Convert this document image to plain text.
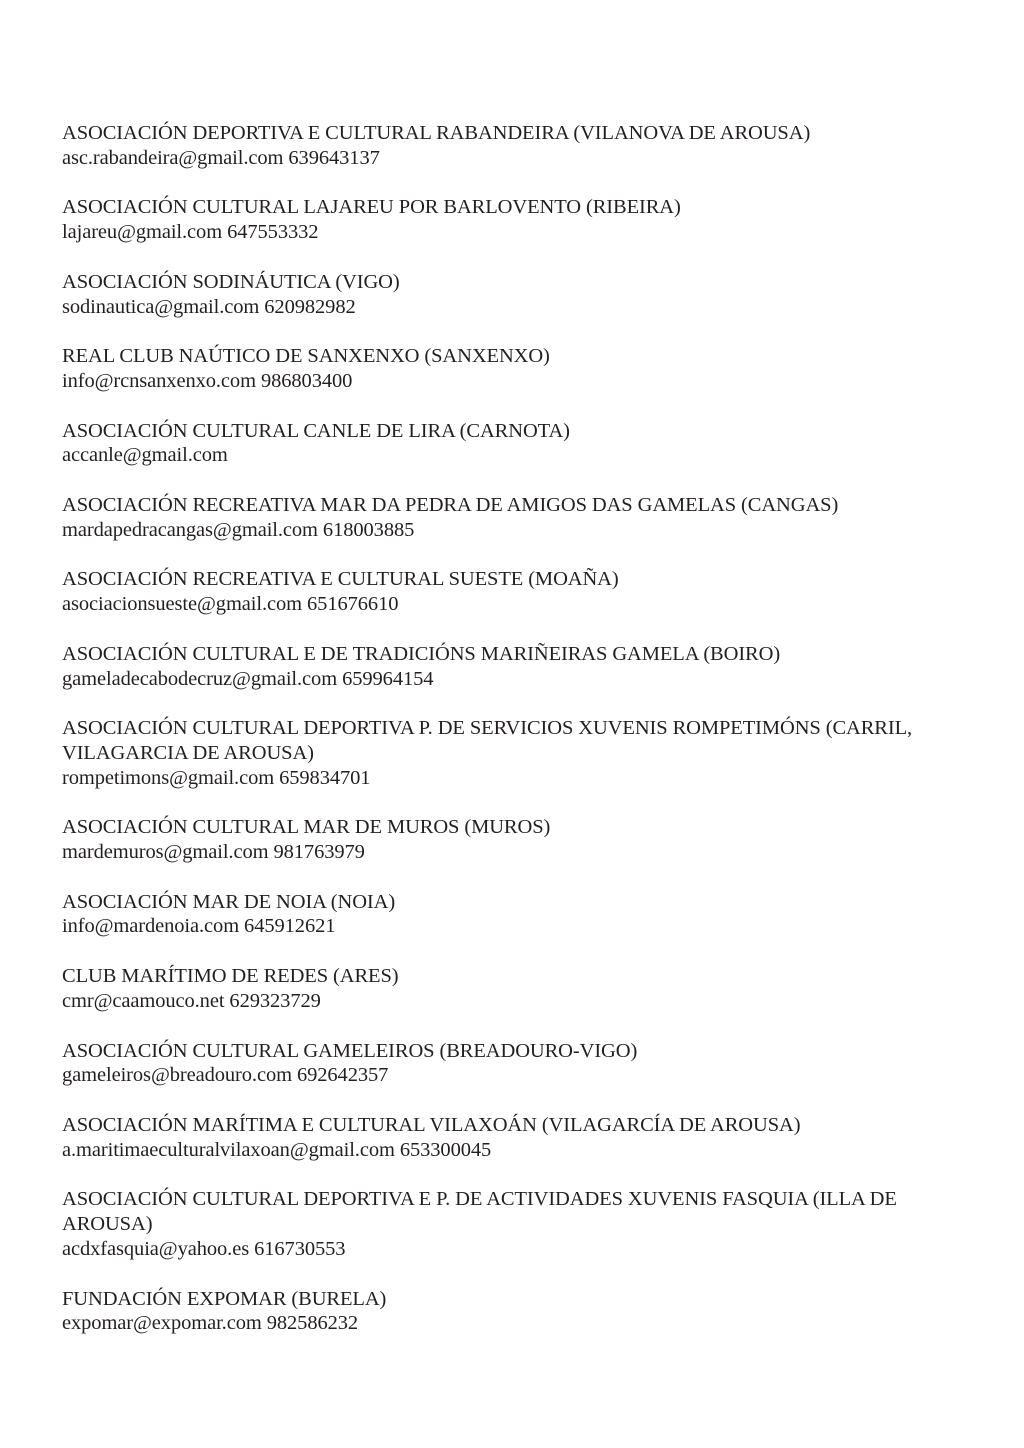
ASOCIACIÓN DEPORTIVA E CULTURAL RABANDEIRA (VILANOVA DE AROUSA)
asc.rabandeira@gmail.com 639643137
ASOCIACIÓN CULTURAL LAJAREU POR BARLOVENTO (RIBEIRA)
lajareu@gmail.com 647553332
ASOCIACIÓN SODINÁUTICA (VIGO)
sodinautica@gmail.com 620982982
REAL CLUB NAÚTICO DE SANXENXO (SANXENXO)
info@rcnsanxenxo.com 986803400
ASOCIACIÓN CULTURAL CANLE DE LIRA (CARNOTA)
accanle@gmail.com
ASOCIACIÓN RECREATIVA MAR DA PEDRA DE AMIGOS DAS GAMELAS (CANGAS)
mardapedracangas@gmail.com 618003885
ASOCIACIÓN RECREATIVA E CULTURAL SUESTE (MOAÑA)
asociacionsueste@gmail.com 651676610
ASOCIACIÓN CULTURAL E DE TRADICIÓNS MARIÑEIRAS GAMELA (BOIRO)
gameladecabodecruz@gmail.com 659964154
ASOCIACIÓN CULTURAL DEPORTIVA P. DE SERVICIOS XUVENIS ROMPETIMÓNS (CARRIL, VILAGARCIA DE AROUSA)
rompetimons@gmail.com 659834701
ASOCIACIÓN CULTURAL MAR DE MUROS (MUROS)
mardemuros@gmail.com 981763979
ASOCIACIÓN MAR DE NOIA (NOIA)
info@mardenoia.com 645912621
CLUB MARÍTIMO DE REDES (ARES)
cmr@caamouco.net 629323729
ASOCIACIÓN CULTURAL GAMELEIROS (BREADOURO-VIGO)
gameleiros@breadouro.com 692642357
ASOCIACIÓN MARÍTIMA E CULTURAL VILAXOÁN (VILAGARCÍA DE AROUSA)
a.maritimaeculturalvilaxoan@gmail.com 653300045
ASOCIACIÓN CULTURAL DEPORTIVA E P. DE ACTIVIDADES XUVENIS FASQUIA (ILLA DE AROUSA)
acdxfasquia@yahoo.es 616730553
FUNDACIÓN EXPOMAR (BURELA)
expomar@expomar.com 982586232
